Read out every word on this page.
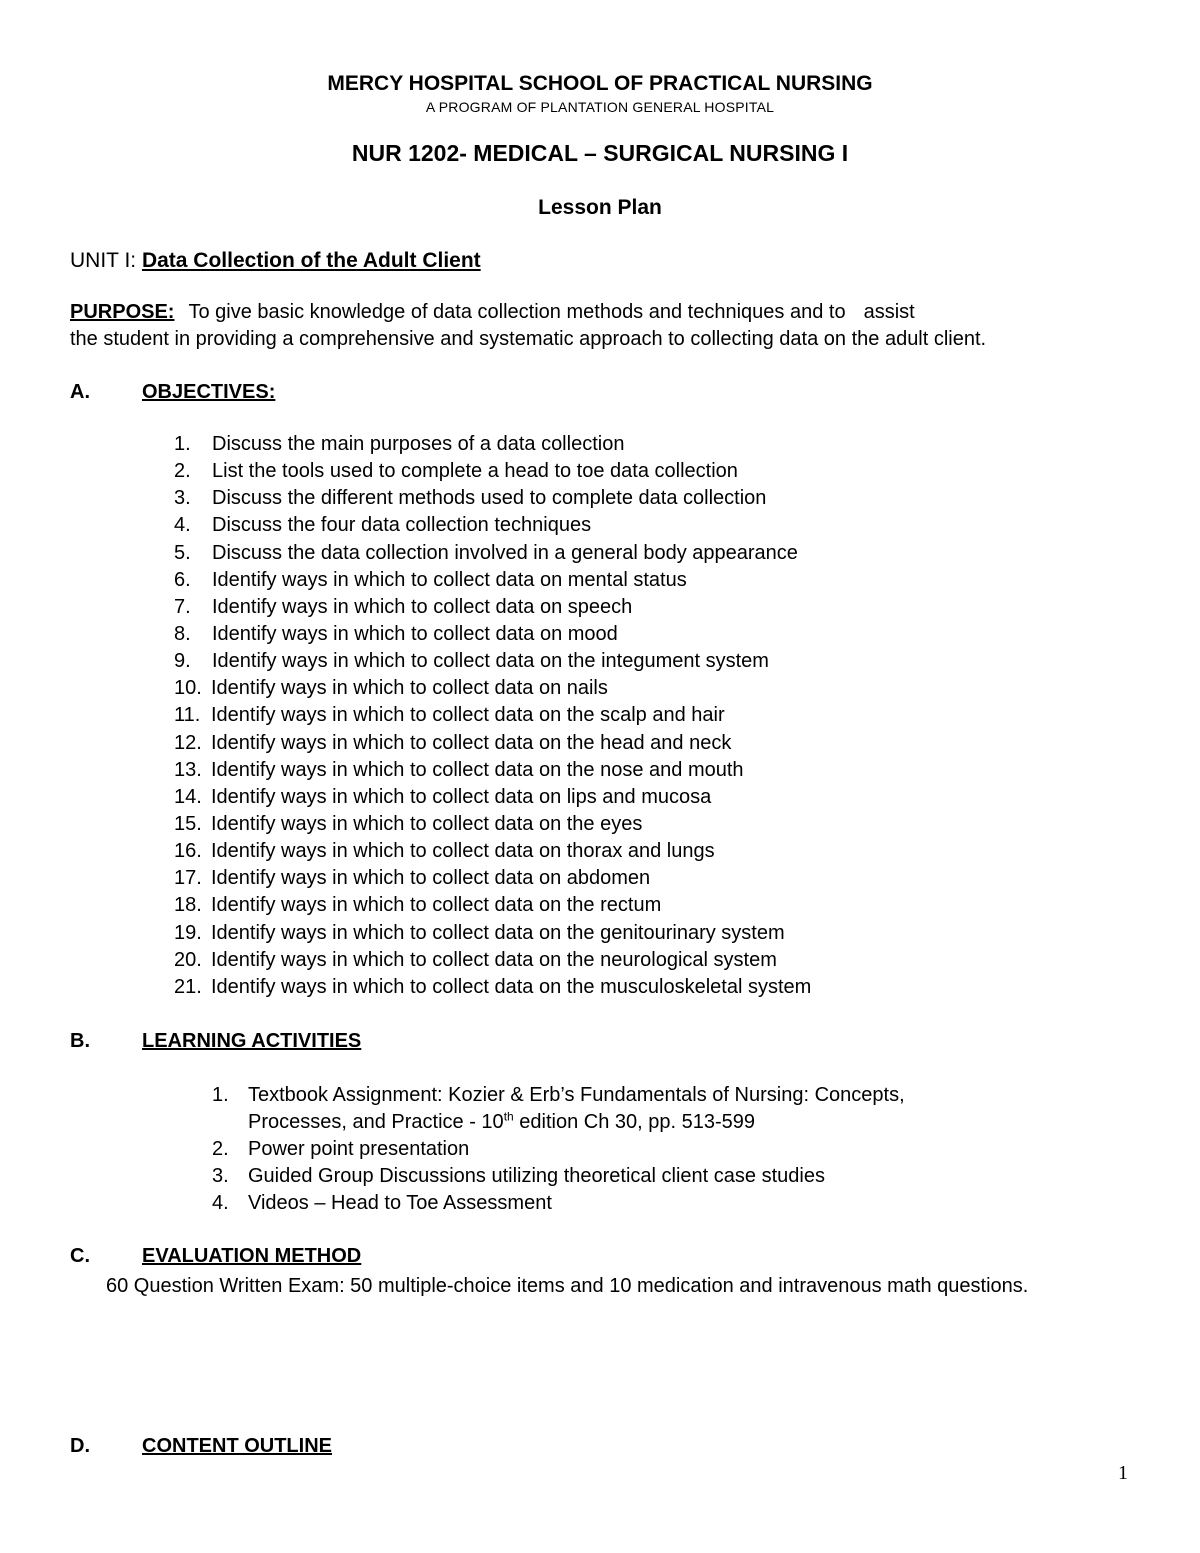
MERCY HOSPITAL SCHOOL OF PRACTICAL NURSING
A PROGRAM OF PLANTATION GENERAL HOSPITAL
NUR 1202- MEDICAL – SURGICAL NURSING I
Lesson Plan
UNIT I: Data Collection of the Adult Client
PURPOSE: To give basic knowledge of data collection methods and techniques and to assist
the student in providing a comprehensive and systematic approach to collecting data on the adult client.
A.	OBJECTIVES:
1.	Discuss the main purposes of a data collection
2.	List the tools used to complete a head to toe data collection
3.	Discuss the different methods used to complete data collection
4.	Discuss the four data collection techniques
5.	Discuss the data collection involved in a general body appearance
6.	Identify ways in which to collect data on mental status
7.	Identify ways in which to collect data on speech
8.	Identify ways in which to collect data on mood
9.	Identify ways in which to collect data on the integument system
10. Identify ways in which to collect data on nails
11. Identify ways in which to collect data on the scalp and hair
12. Identify ways in which to collect data on the head and neck
13. Identify ways in which to collect data on the nose and mouth
14. Identify ways in which to collect data on lips and mucosa
15. Identify ways in which to collect data on the eyes
16. Identify ways in which to collect data on thorax and lungs
17. Identify ways in which to collect data on abdomen
18. Identify ways in which to collect data on the rectum
19. Identify ways in which to collect data on the genitourinary system
20. Identify ways in which to collect data on the neurological system
21. Identify ways in which to collect data on the musculoskeletal system
B.	LEARNING ACTIVITIES
1. Textbook Assignment: Kozier & Erb’s Fundamentals of Nursing: Concepts,
Processes, and Practice - 10th edition Ch 30, pp. 513-599
2. Power point presentation
3. Guided Group Discussions utilizing theoretical client case studies
4. Videos – Head to Toe Assessment
C.	EVALUATION METHOD
60 Question Written Exam: 50 multiple-choice items and 10 medication and intravenous math questions.
D.	CONTENT OUTLINE
1
